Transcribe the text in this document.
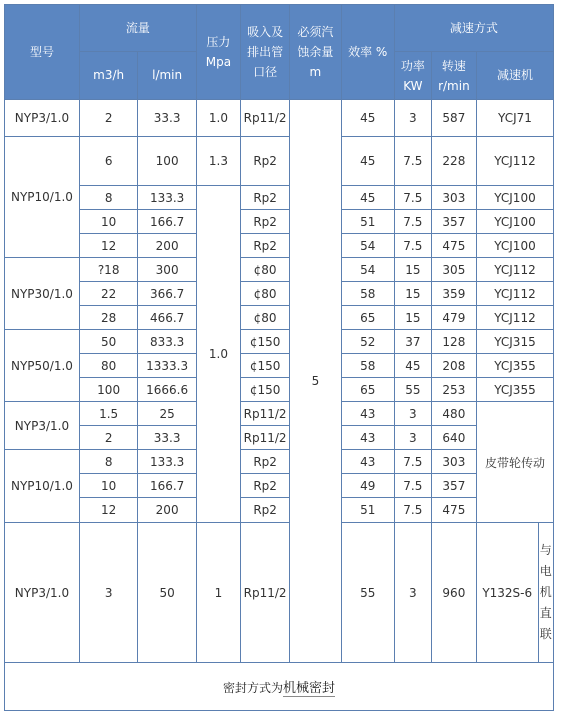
型号	流量		压力 Mpa	吸入及排出管口径	必须汽蚀余量m	效率 %	减速方式			
	m3/h	l/min					功率 KW	转速 r/min	减速机	
NYP3/1.0	2	33.3	1.0	Rp11/2	5	45	3	587	YCJ71	
NYP10/1.0	6	100	1.3	Rp2		45	7.5	228	YCJ112	
	8	133.3	1.0	Rp2		45	7.5	303	YCJ100	
	10	166.7		Rp2		51	7.5	357	YCJ100	
	12	200		Rp2		54	7.5	475	YCJ100	
NYP30/1.0	?18	300		¢80		54	15	305	YCJ112	
	22	366.7		¢80		58	15	359	YCJ112	
	28	466.7		¢80		65	15	479	YCJ112	
NYP50/1.0	50	833.3		¢150		52	37	128	YCJ315	
	80	1333.3		¢150		58	45	208	YCJ355	
	100	1666.6		¢150		65	55	253	YCJ355	
NYP3/1.0	1.5	25		Rp11/2		43	3	480	皮带轮传动	
	2	33.3		Rp11/2		43	3	640		
NYP10/1.0	8	133.3		Rp2		43	7.5	303		
	10	166.7		Rp2		49	7.5	357		
	12	200		Rp2		51	7.5	475		
NYP3/1.0	3	50	1	Rp11/2		55	3	960	Y132S-6	与电机直联
密封方式为机械密封										
